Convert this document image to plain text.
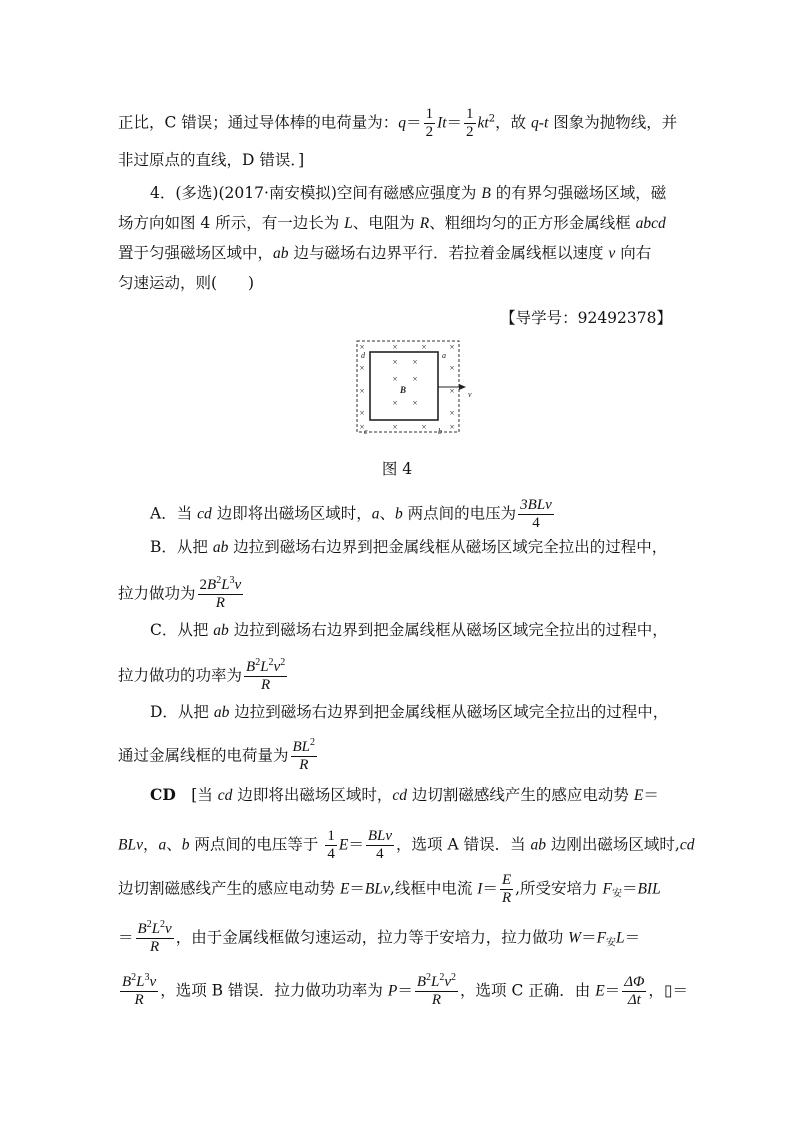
正比，C 错误；通过导体棒的电荷量为：$q= \frac{1}{2} It= \frac{1}{2} kt^2$，故 q-t 图象为抛物线，并
非过原点的直线，D 错误．]
4．(多选)(2017·南安模拟)空间有磁感应强度为 B 的有界匀强磁场区域，磁
场方向如图 4 所示，有一边长为 L、电阻为 R、粗细均匀的正方形金属线框 abcd
置于匀强磁场区域中，ab 边与磁场右边界平行．若拉着金属线框以速度 v 向右
匀速运动，则(　　)
【导学号：92492378】
×	×	×	×
×	×
×	×
×	×
×	×	×	×
× ×
× ×
× ×
d	a
c	b
v
B
图 4
A．当 cd 边即将出磁场区域时，a、b 两点间的电压为 $\frac{\text{3BLv}}{4}$
B．从把 ab 边拉到磁场右边界到把金属线框从磁场区域完全拉出的过程中，
拉力做功为 $\frac{2B^2L^3v}{R}$
C．从把 ab 边拉到磁场右边界到把金属线框从磁场区域完全拉出的过程中，
拉力做功的功率为 $\frac{B^2L^2v^2}{R}$
D．从把 ab 边拉到磁场右边界到把金属线框从磁场区域完全拉出的过程中，
通过金属线框的电荷量为 $\frac{BL^2}{R}$
CD　[当 cd 边即将出磁场区域时，cd 边切割磁感线产生的感应电动势 E＝
BLv，a、b 两点间的电压等于 $\frac{1}{4} E= \frac{\text{BLv}}{4}$ ，选项 A 错误．当 ab 边刚出磁场区域时,cd
边切割磁感线产生的感应电动势 E＝BLv,线框中电流 $I= \frac{E}{R}$ ,所受安培力 $F_安=BIL$
＝ $\frac{B^2L^2v}{R}$ ，由于金属线框做匀速运动，拉力等于安培力，拉力做功 $W=F_安L=$
$\frac{B^2L^3v}{R}$ ，选项 B 错误．拉力做功功率为 $P= \frac{B^2L^2v^2}{R}$ ，选项 C 正确．由 $E= \frac{\Delta\Phi}{\Delta t}$ ，▯＝
